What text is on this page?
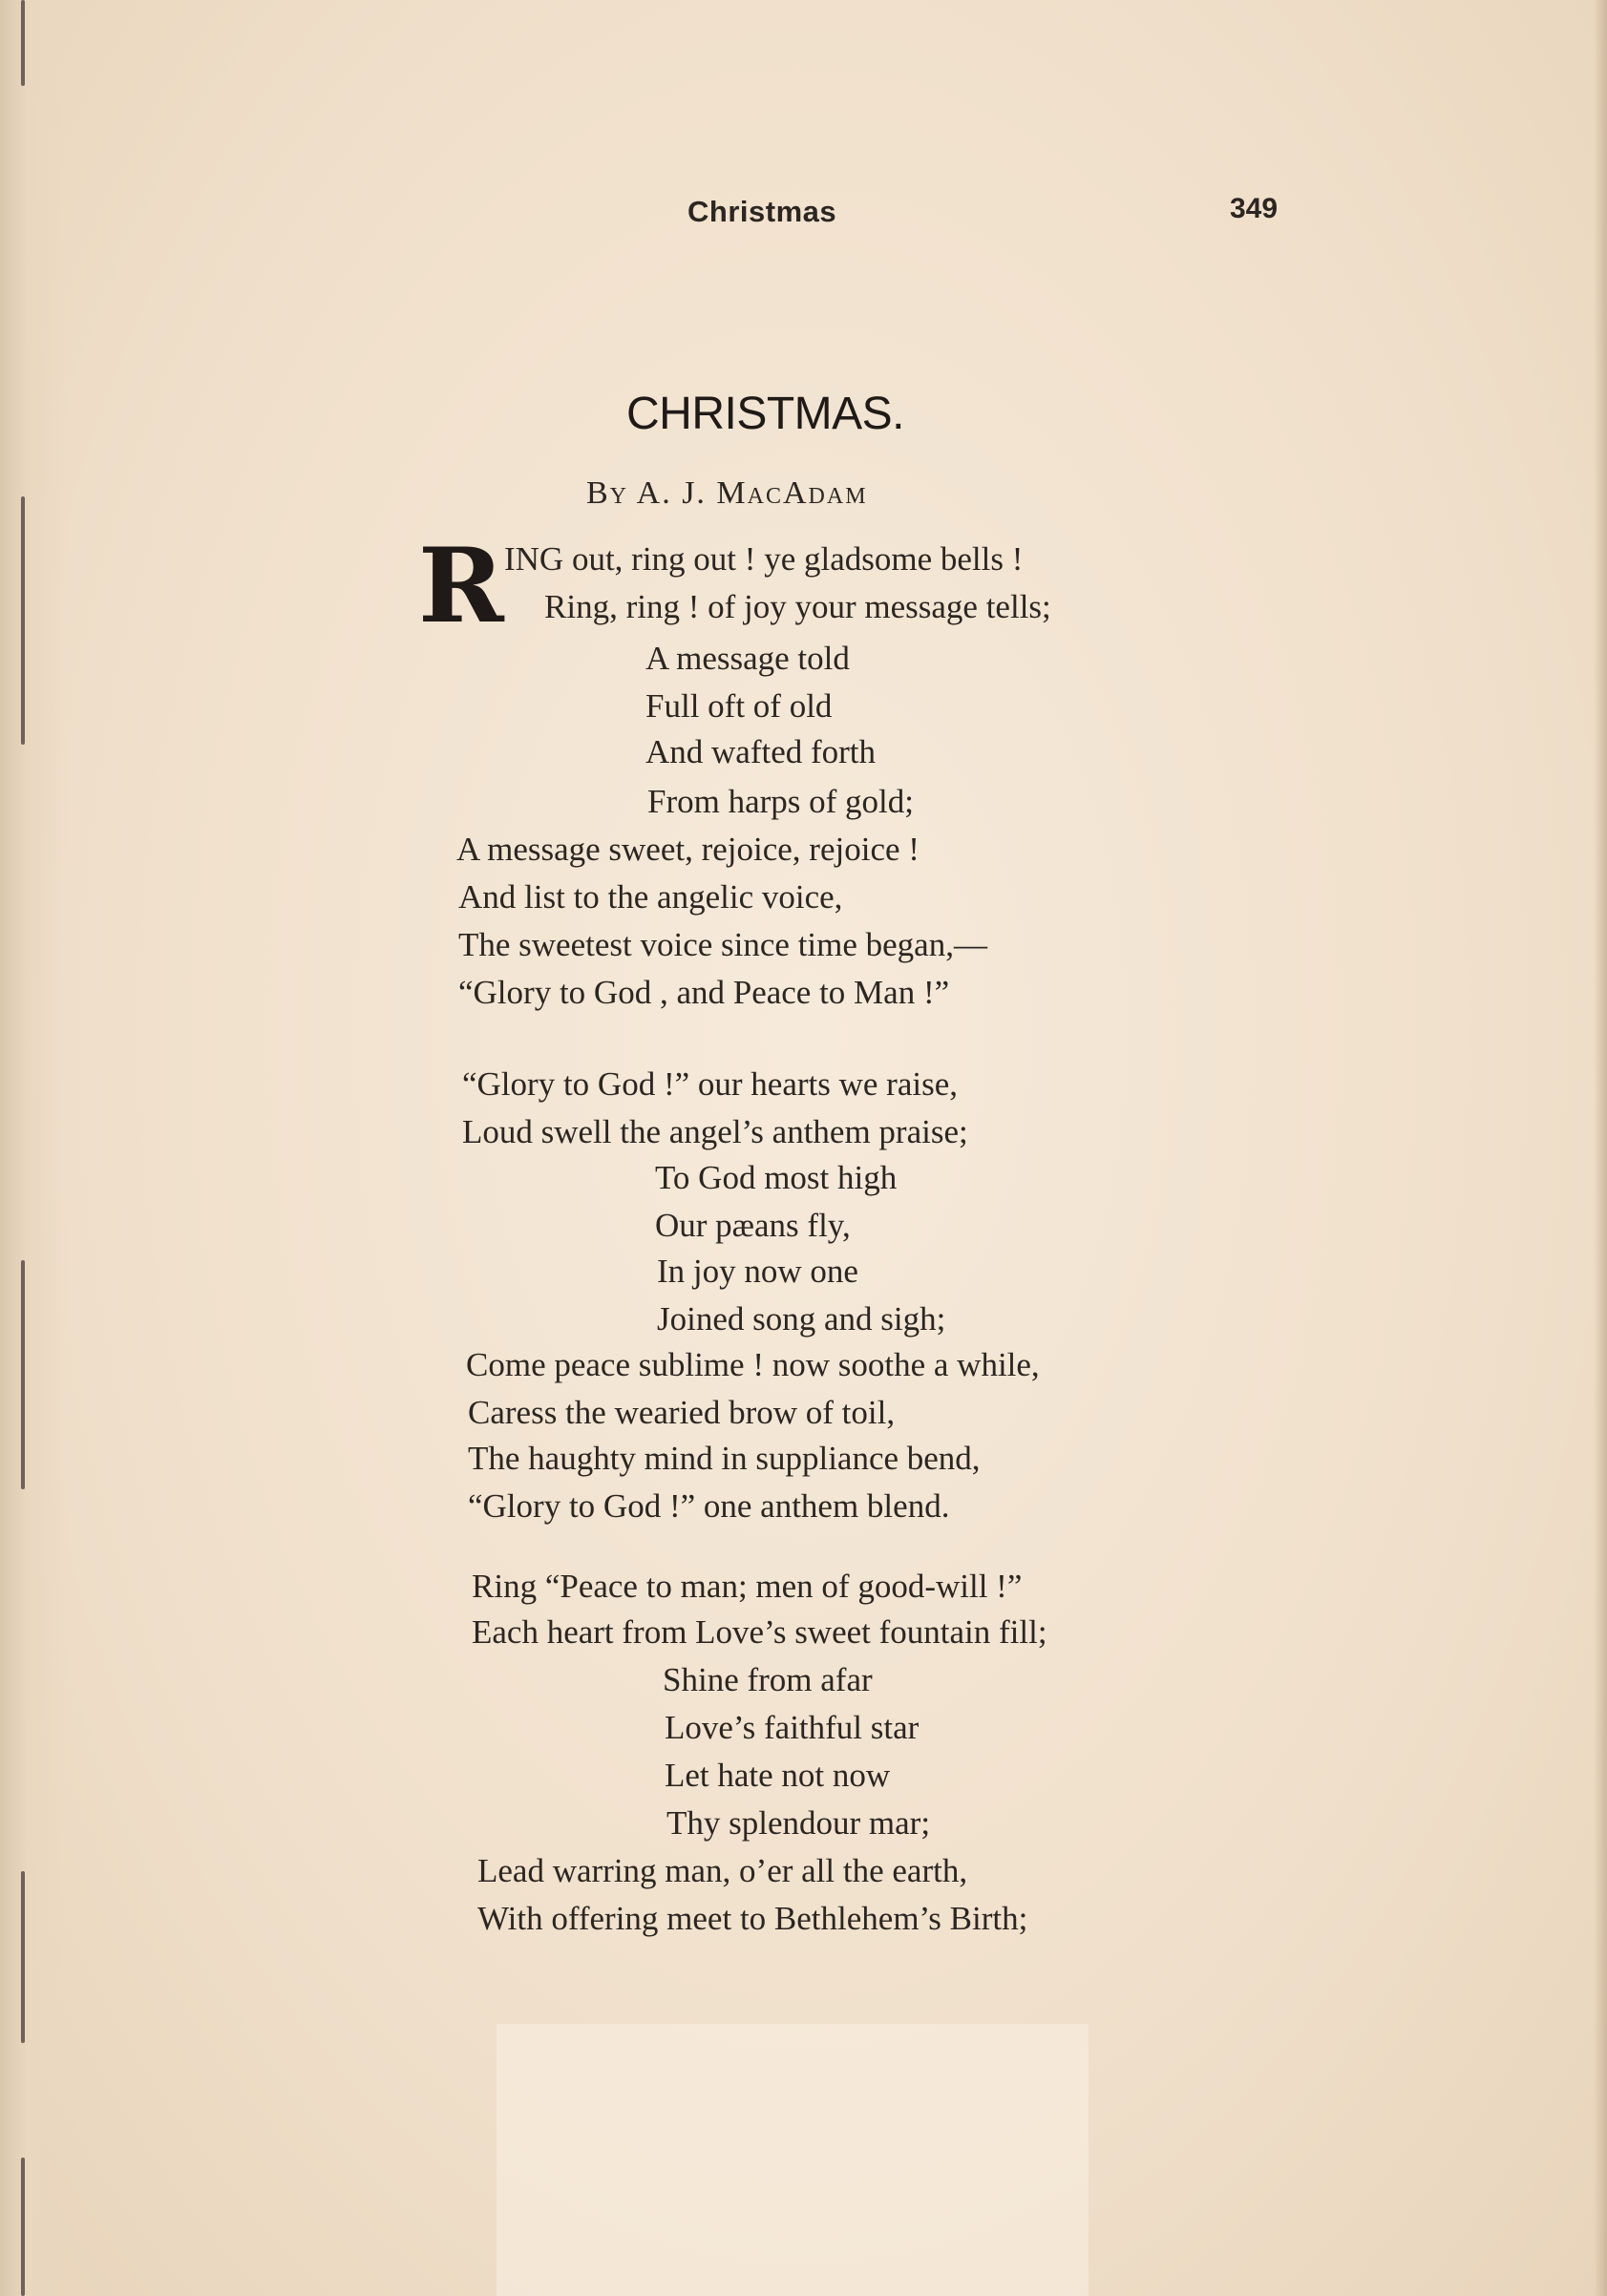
Christmas	349
CHRISTMAS.
By A. J. MacAdam
R ING out, ring out ! ye gladsome bells !
Ring, ring ! of joy your message tells;
A message told
Full oft of old
And wafted forth
From harps of gold;
A message sweet, rejoice, rejoice !
And list to the angelic voice,
The sweetest voice since time began,—
“Glory to God , and Peace to Man !”
“Glory to God !” our hearts we raise,
Loud swell the angel’s anthem praise;
To God most high
Our pæans fly,
In joy now one
Joined song and sigh;
Come peace sublime ! now soothe a while,
Caress the wearied brow of toil,
The haughty mind in suppliance bend,
“Glory to God !” one anthem blend.
Ring “Peace to man; men of good-will !”
Each heart from Love’s sweet fountain fill;
Shine from afar
Love’s faithful star
Let hate not now
Thy splendour mar;
Lead warring man, o’er all the earth,
With offering meet to Bethlehem’s Birth;
